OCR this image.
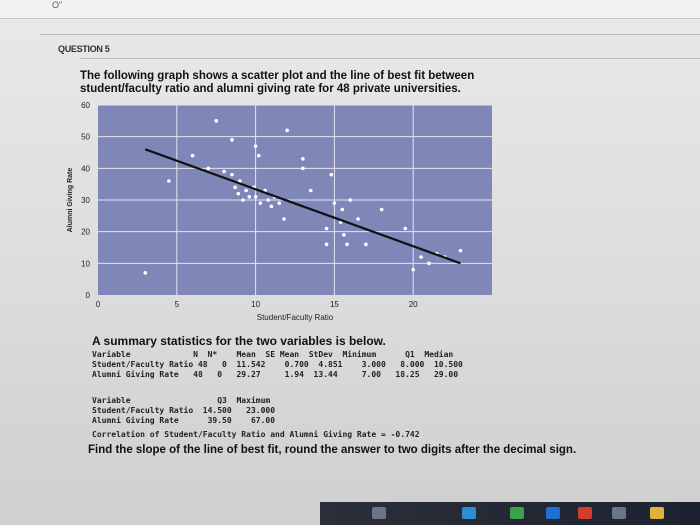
O"
QUESTION 5
The following graph shows a scatter plot and the line of best fit between student/faculty ratio and alumni giving rate for 48 private universities.
0
10
20
30
40
50
60
0	5	10	15	20
Student/Faculty Ratio
Alumni Giving Rate
A summary statistics for the two variables is below.
Variable             N  N*    Mean  SE Mean  StDev  Minimum      Q1  Median
Student/Faculty Ratio 48   0  11.542    0.700  4.851    3.000   8.000  10.500
Alumni Giving Rate   48   0   29.27     1.94  13.44     7.00   18.25   29.00
Variable                  Q3  Maximum
Student/Faculty Ratio  14.500   23.000
Alumni Giving Rate      39.50    67.00
Correlation of Student/Faculty Ratio and Alumni Giving Rate = -0.742
Find the slope of the line of best fit, round the answer to two digits after the decimal sign.
